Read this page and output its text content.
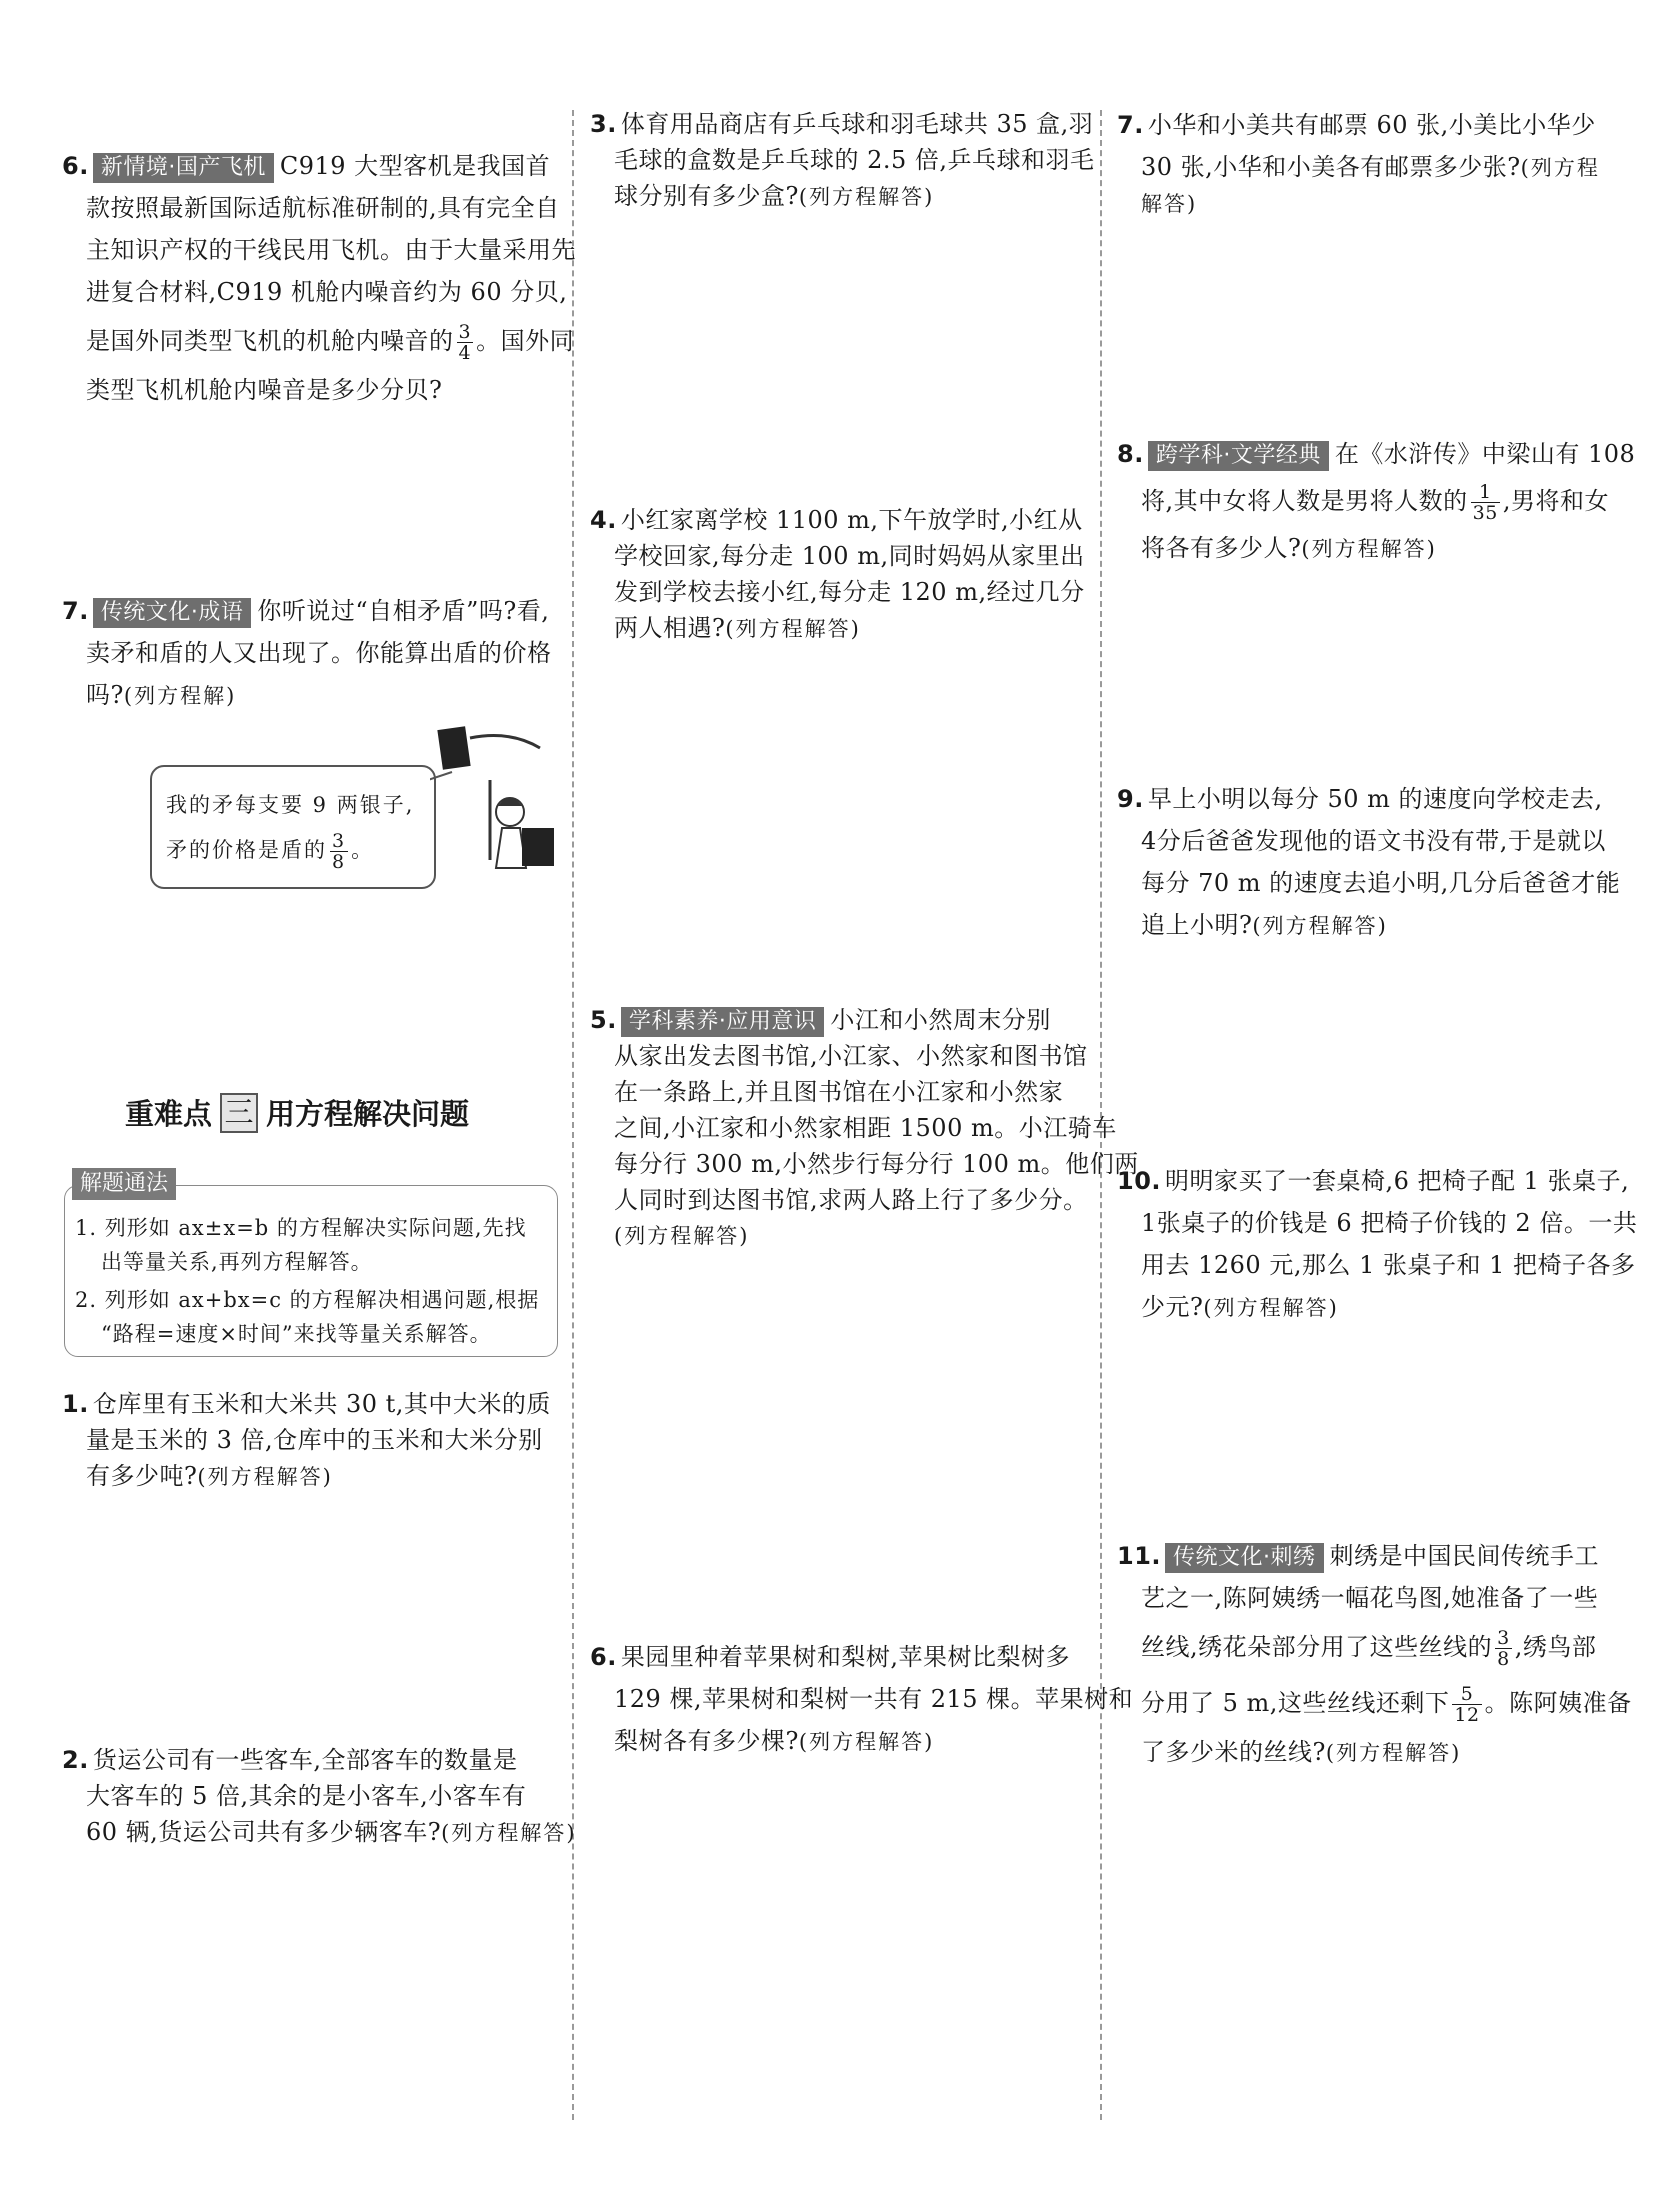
6. 新情境·国产飞机 C919 大型客机是我国首
款按照最新国际适航标准研制的,具有完全自
主知识产权的干线民用飞机。由于大量采用先
进复合材料,C919 机舱内噪音约为 60 分贝,
是国外同类型飞机的机舱内噪音的 $\frac{3}{4}$ 。国外同
类型飞机机舱内噪音是多少分贝?
7. 传统文化·成语 你听说过“自相矛盾”吗?看,
卖矛和盾的人又出现了。你能算出盾的价格
吗?(列方程解)
我的矛每支要 9 两银子,
矛的价格是盾的 $\frac{3}{8}$ 。
重难点 三 用方程解决问题
1. 列形如 ax±x=b 的方程解决实际问题,先找
出等量关系,再列方程解答。
2. 列形如 ax+bx=c 的方程解决相遇问题,根据
“路程=速度×时间”来找等量关系解答。
解题通法
1. 仓库里有玉米和大米共 30 t,其中大米的质
量是玉米的 3 倍,仓库中的玉米和大米分别
有多少吨?(列方程解答)
2. 货运公司有一些客车,全部客车的数量是
大客车的 5 倍,其余的是小客车,小客车有
60 辆,货运公司共有多少辆客车?(列方程解答)
3. 体育用品商店有乒乓球和羽毛球共 35 盒,羽
毛球的盒数是乒乓球的 2.5 倍,乒乓球和羽毛
球分别有多少盒?(列方程解答)
4. 小红家离学校 1100 m,下午放学时,小红从
学校回家,每分走 100 m,同时妈妈从家里出
发到学校去接小红,每分走 120 m,经过几分
两人相遇?(列方程解答)
5. 学科素养·应用意识 小江和小然周末分别
从家出发去图书馆,小江家、小然家和图书馆
在一条路上,并且图书馆在小江家和小然家
之间,小江家和小然家相距 1500 m。小江骑车
每分行 300 m,小然步行每分行 100 m。他们两
人同时到达图书馆,求两人路上行了多少分。
(列方程解答)
6. 果园里种着苹果树和梨树,苹果树比梨树多
129 棵,苹果树和梨树一共有 215 棵。苹果树和
梨树各有多少棵?(列方程解答)
7. 小华和小美共有邮票 60 张,小美比小华少
30 张,小华和小美各有邮票多少张?(列方程
解答)
8. 跨学科·文学经典 在《水浒传》中梁山有 108
将,其中女将人数是男将人数的 $\frac{1}{35}$ ,男将和女
将各有多少人?(列方程解答)
9. 早上小明以每分 50 m 的速度向学校走去,
4分后爸爸发现他的语文书没有带,于是就以
每分 70 m 的速度去追小明,几分后爸爸才能
追上小明?(列方程解答)
10. 明明家买了一套桌椅,6 把椅子配 1 张桌子,
1张桌子的价钱是 6 把椅子价钱的 2 倍。一共
用去 1260 元,那么 1 张桌子和 1 把椅子各多
少元?(列方程解答)
11. 传统文化·刺绣 刺绣是中国民间传统手工
艺之一,陈阿姨绣一幅花鸟图,她准备了一些
丝线,绣花朵部分用了这些丝线的 $\frac{3}{8}$ ,绣鸟部
分用了 5 m,这些丝线还剩下 $\frac{5}{12}$ 。陈阿姨准备
了多少米的丝线?(列方程解答)
